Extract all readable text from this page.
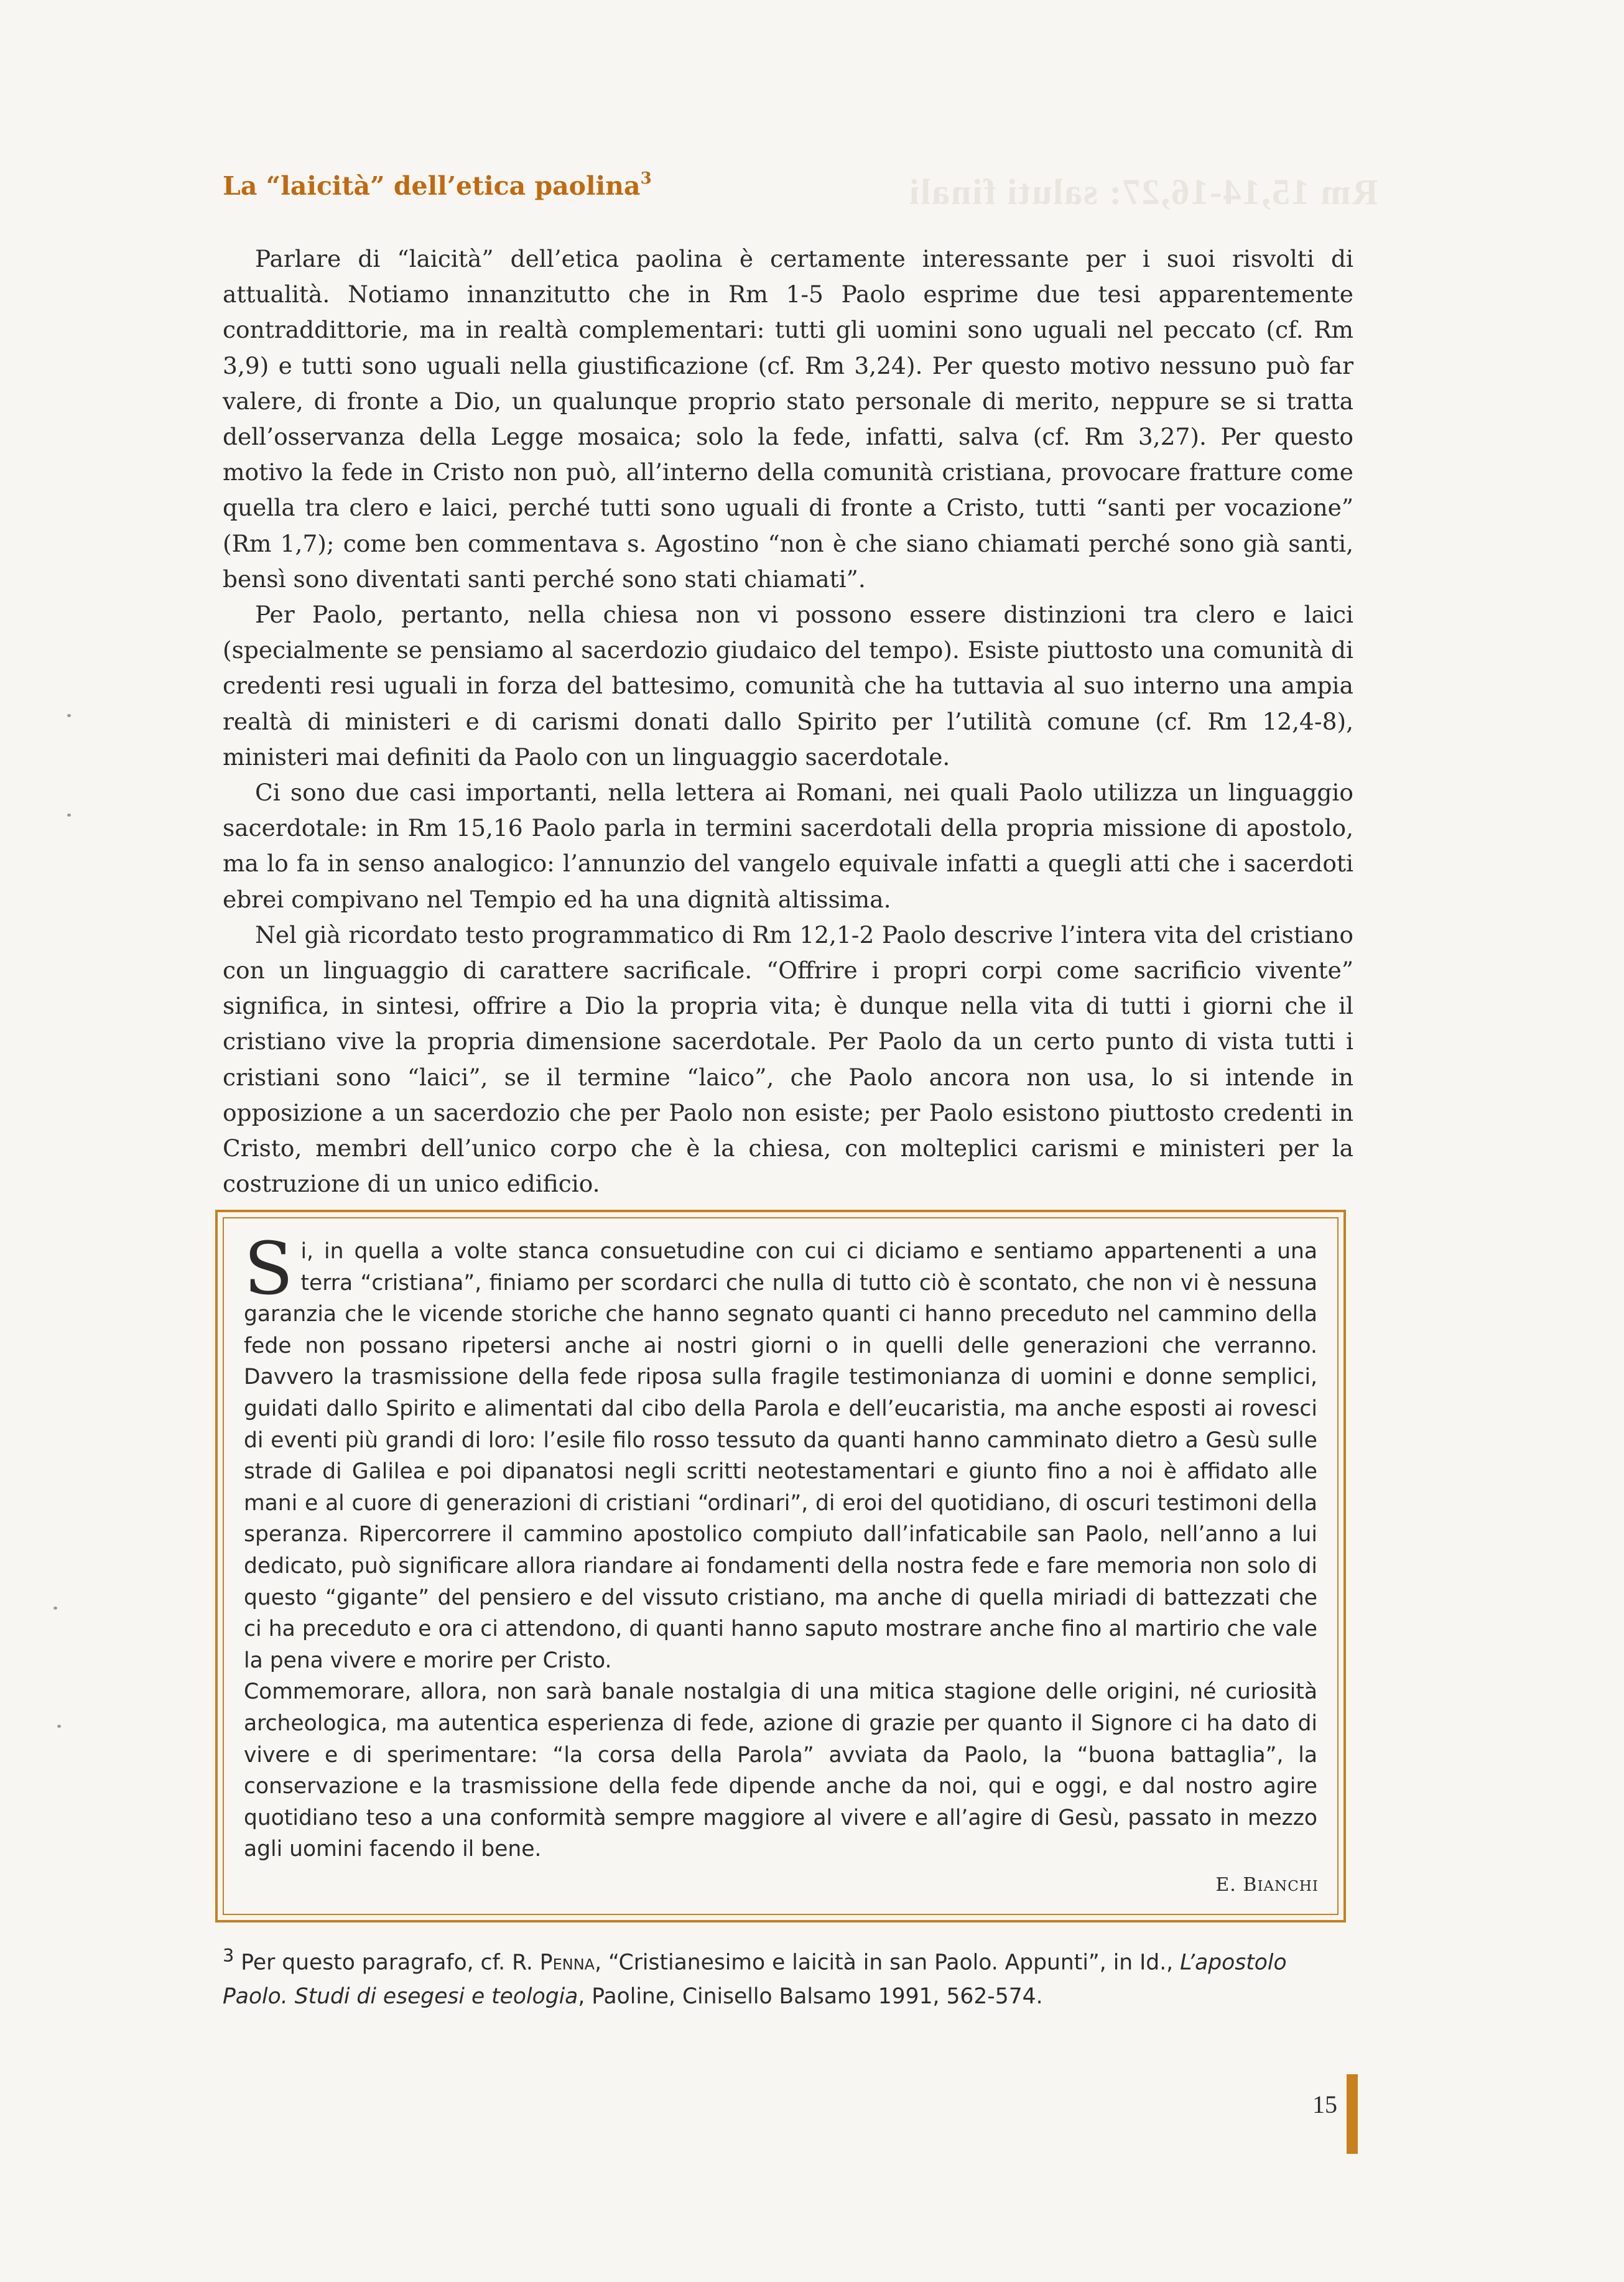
Rm 15,14-16,27: saluti finali
La “laicità” dell’etica paolina$^3$

Parlare di “laicità” dell’etica paolina è certamente interessante per i suoi risvolti di attualità. Notiamo innanzitutto che in Rm 1-5 Paolo esprime due tesi apparentemente contraddittorie, ma in realtà complementari: tutti gli uomini sono uguali nel peccato (cf. Rm 3,9) e tutti sono uguali nella giustificazione (cf. Rm 3,24). Per questo motivo nessuno può far valere, di fronte a Dio, un qualunque proprio stato personale di merito, neppure se si tratta dell’osservanza della Legge mosaica; solo la fede, infatti, salva (cf. Rm 3,27). Per questo motivo la fede in Cristo non può, all’interno della comunità cristiana, provocare fratture come quella tra clero e laici, perché tutti sono uguali di fronte a Cristo, tutti “santi per vocazione” (Rm 1,7); come ben commentava s. Agostino “non è che siano chiamati perché sono già santi, bensì sono diventati santi perché sono stati chiamati”.

Per Paolo, pertanto, nella chiesa non vi possono essere distinzioni tra clero e laici (specialmente se pensiamo al sacerdozio giudaico del tempo). Esiste piuttosto una comunità di credenti resi uguali in forza del battesimo, comunità che ha tuttavia al suo interno una ampia realtà di ministeri e di carismi donati dallo Spirito per l’utilità comune (cf. Rm 12,4-8), ministeri mai definiti da Paolo con un linguaggio sacerdotale.

Ci sono due casi importanti, nella lettera ai Romani, nei quali Paolo utilizza un linguaggio sacerdotale: in Rm 15,16 Paolo parla in termini sacerdotali della propria missione di apostolo, ma lo fa in senso analogico: l’annunzio del vangelo equivale infatti a quegli atti che i sacerdoti ebrei compivano nel Tempio ed ha una dignità altissima.

Nel già ricordato testo programmatico di Rm 12,1-2 Paolo descrive l’intera vita del cristiano con un linguaggio di carattere sacrificale. “Offrire i propri corpi come sacrificio vivente” significa, in sintesi, offrire a Dio la propria vita; è dunque nella vita di tutti i giorni che il cristiano vive la propria dimensione sacerdotale. Per Paolo da un certo punto di vista tutti i cristiani sono “laici”, se il termine “laico”, che Paolo ancora non usa, lo si intende in opposizione a un sacerdozio che per Paolo non esiste; per Paolo esistono piuttosto credenti in Cristo, membri dell’unico corpo che è la chiesa, con molteplici carismi e ministeri per la costruzione di un unico edificio.

Si, in quella a volte stanca consuetudine con cui ci diciamo e sentiamo appartenenti a una terra “cristiana”, finiamo per scordarci che nulla di tutto ciò è scontato, che non vi è nessuna garanzia che le vicende storiche che hanno segnato quanti ci hanno preceduto nel cammino della fede non possano ripetersi anche ai nostri giorni o in quelli delle generazioni che verranno. Davvero la trasmissione della fede riposa sulla fragile testimonianza di uomini e donne semplici, guidati dallo Spirito e alimentati dal cibo della Parola e dell’eucaristia, ma anche esposti ai rovesci di eventi più grandi di loro: l’esile filo rosso tessuto da quanti hanno camminato dietro a Gesù sulle strade di Galilea e poi dipanatosi negli scritti neotestamentari e giunto fino a noi è affidato alle mani e al cuore di generazioni di cristiani “ordinari”, di eroi del quotidiano, di oscuri testimoni della speranza. Ripercorrere il cammino apostolico compiuto dall’infaticabile san Paolo, nell’anno a lui dedicato, può significare allora riandare ai fondamenti della nostra fede e fare memoria non solo di questo “gigante” del pensiero e del vissuto cristiano, ma anche di quella miriadi di battezzati che ci ha preceduto e ora ci attendono, di quanti hanno saputo mostrare anche fino al martirio che vale la pena vivere e morire per Cristo.

Commemorare, allora, non sarà banale nostalgia di una mitica stagione delle origini, né curiosità archeologica, ma autentica esperienza di fede, azione di grazie per quanto il Signore ci ha dato di vivere e di sperimentare: “la corsa della Parola” avviata da Paolo, la “buona battaglia”, la conservazione e la trasmissione della fede dipende anche da noi, qui e oggi, e dal nostro agire quotidiano teso a una conformità sempre maggiore al vivere e all’agire di Gesù, passato in mezzo agli uomini facendo il bene.

E. BIANCHI
$^3$ Per questo paragrafo, cf. R. Penna, “Cristianesimo e laicità in san Paolo. Appunti”, in Id., L’apostolo Paolo. Studi di esegesi e teologia, Paoline, Cinisello Balsamo 1991, 562-574.
15
